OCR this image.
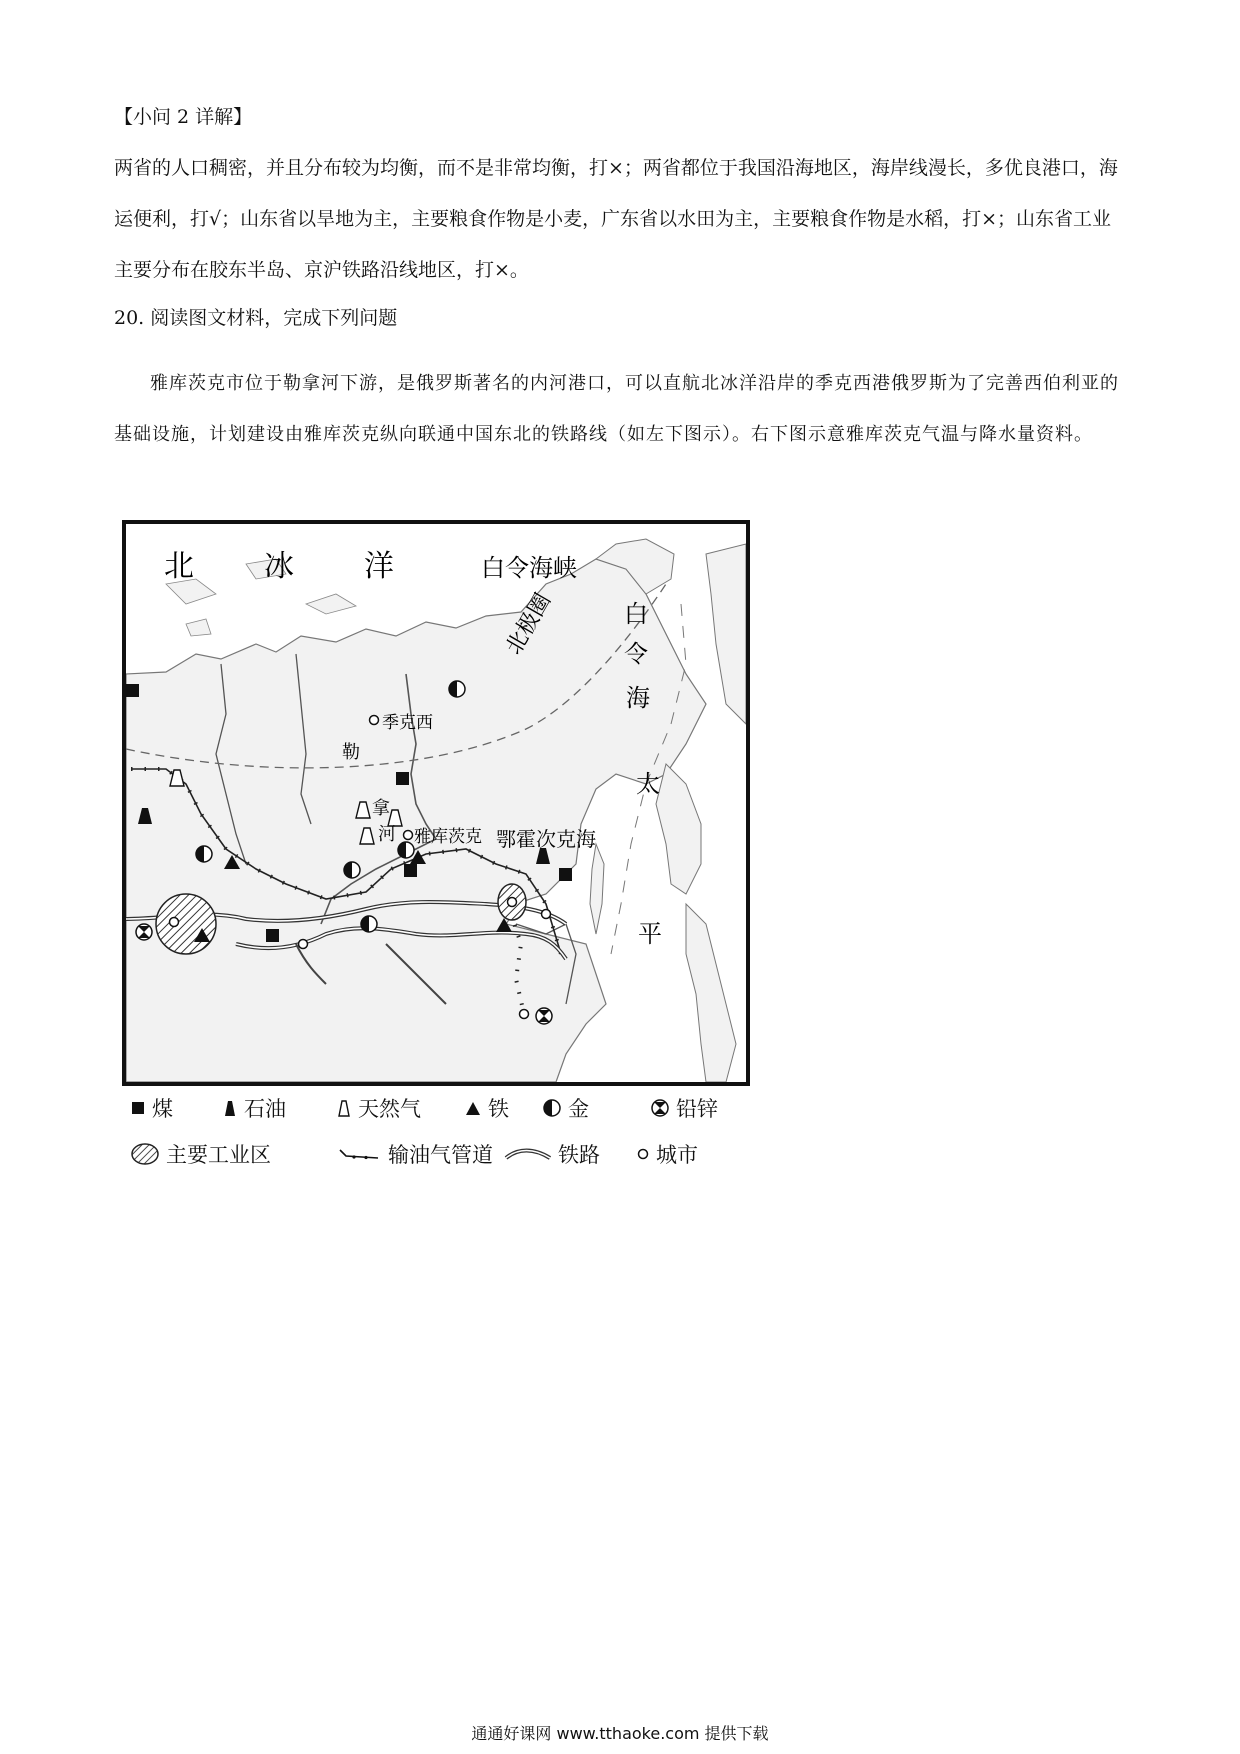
【小问 2 详解】

两省的人口稠密，并且分布较为均衡，而不是非常均衡，打×；两省都位于我国沿海地区，海岸线漫长，多优良港口，海运便利，打√；山东省以旱地为主，主要粮食作物是小麦，广东省以水田为主，主要粮食作物是水稻，打×；山东省工业主要分布在胶东半岛、京沪铁路沿线地区，打×。

20. 阅读图文材料，完成下列问题

雅库茨克市位于勒拿河下游，是俄罗斯著名的内河港口，可以直航北冰洋沿岸的季克西港俄罗斯为了完善西伯利亚的基础设施，计划建设由雅库茨克纵向联通中国东北的铁路线（如左下图示）。右下图示意雅库茨克气温与降水量资料。

北 冰 洋	白令海峡
北极圈	白
令
海
太
平
季克西
勒
拿
河 雅库茨克 鄂霍次克海
煤	石油	天然气	铁	金	铅锌
主要工业区	输油气管道	铁路	城市
通通好课网 www.tthaoke.com 提供下载
